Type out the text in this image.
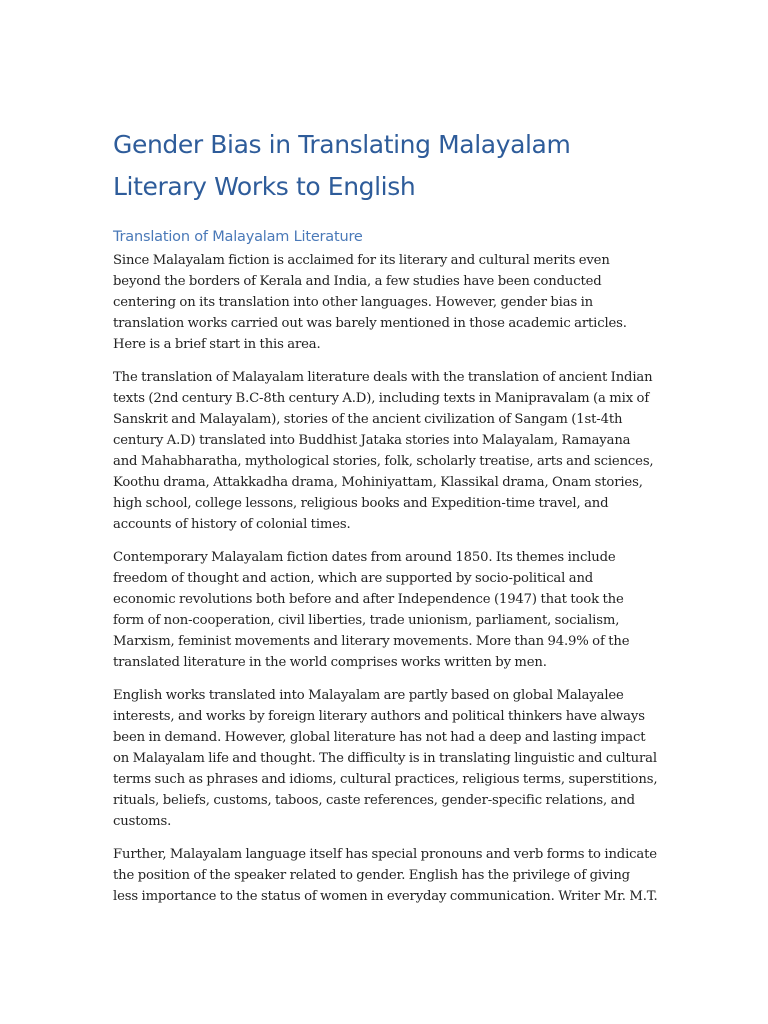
Gender Bias in Translating Malayalam Literary Works to English
Translation of Malayalam Literature

Since Malayalam fiction is acclaimed for its literary and cultural merits even beyond the borders of Kerala and India, a few studies have been conducted centering on its translation into other languages. However, gender bias in translation works carried out was barely mentioned in those academic articles. Here is a brief start in this area.

The translation of Malayalam literature deals with the translation of ancient Indian texts (2nd century B.C-8th century A.D), including texts in Manipravalam (a mix of Sanskrit and Malayalam), stories of the ancient civilization of Sangam (1st-4th century A.D) translated into Buddhist Jataka stories into Malayalam, Ramayana and Mahabharatha, mythological stories, folk, scholarly treatise, arts and sciences, Koothu drama, Attakkadha drama, Mohiniyattam, Klassikal drama, Onam stories, high school, college lessons, religious books and Expedition-time travel, and accounts of history of colonial times.

Contemporary Malayalam fiction dates from around 1850. Its themes include freedom of thought and action, which are supported by socio-political and economic revolutions both before and after Independence (1947) that took the form of non-cooperation, civil liberties, trade unionism, parliament, socialism, Marxism, feminist movements and literary movements. More than 94.9% of the translated literature in the world comprises works written by men.

English works translated into Malayalam are partly based on global Malayalee interests, and works by foreign literary authors and political thinkers have always been in demand. However, global literature has not had a deep and lasting impact on Malayalam life and thought. The difficulty is in translating linguistic and cultural terms such as phrases and idioms, cultural practices, religious terms, superstitions, rituals, beliefs, customs, taboos, caste references, gender-specific relations, and customs.

Further, Malayalam language itself has special pronouns and verb forms to indicate the position of the speaker related to gender. English has the privilege of giving less importance to the status of women in everyday communication. Writer Mr. M.T.
